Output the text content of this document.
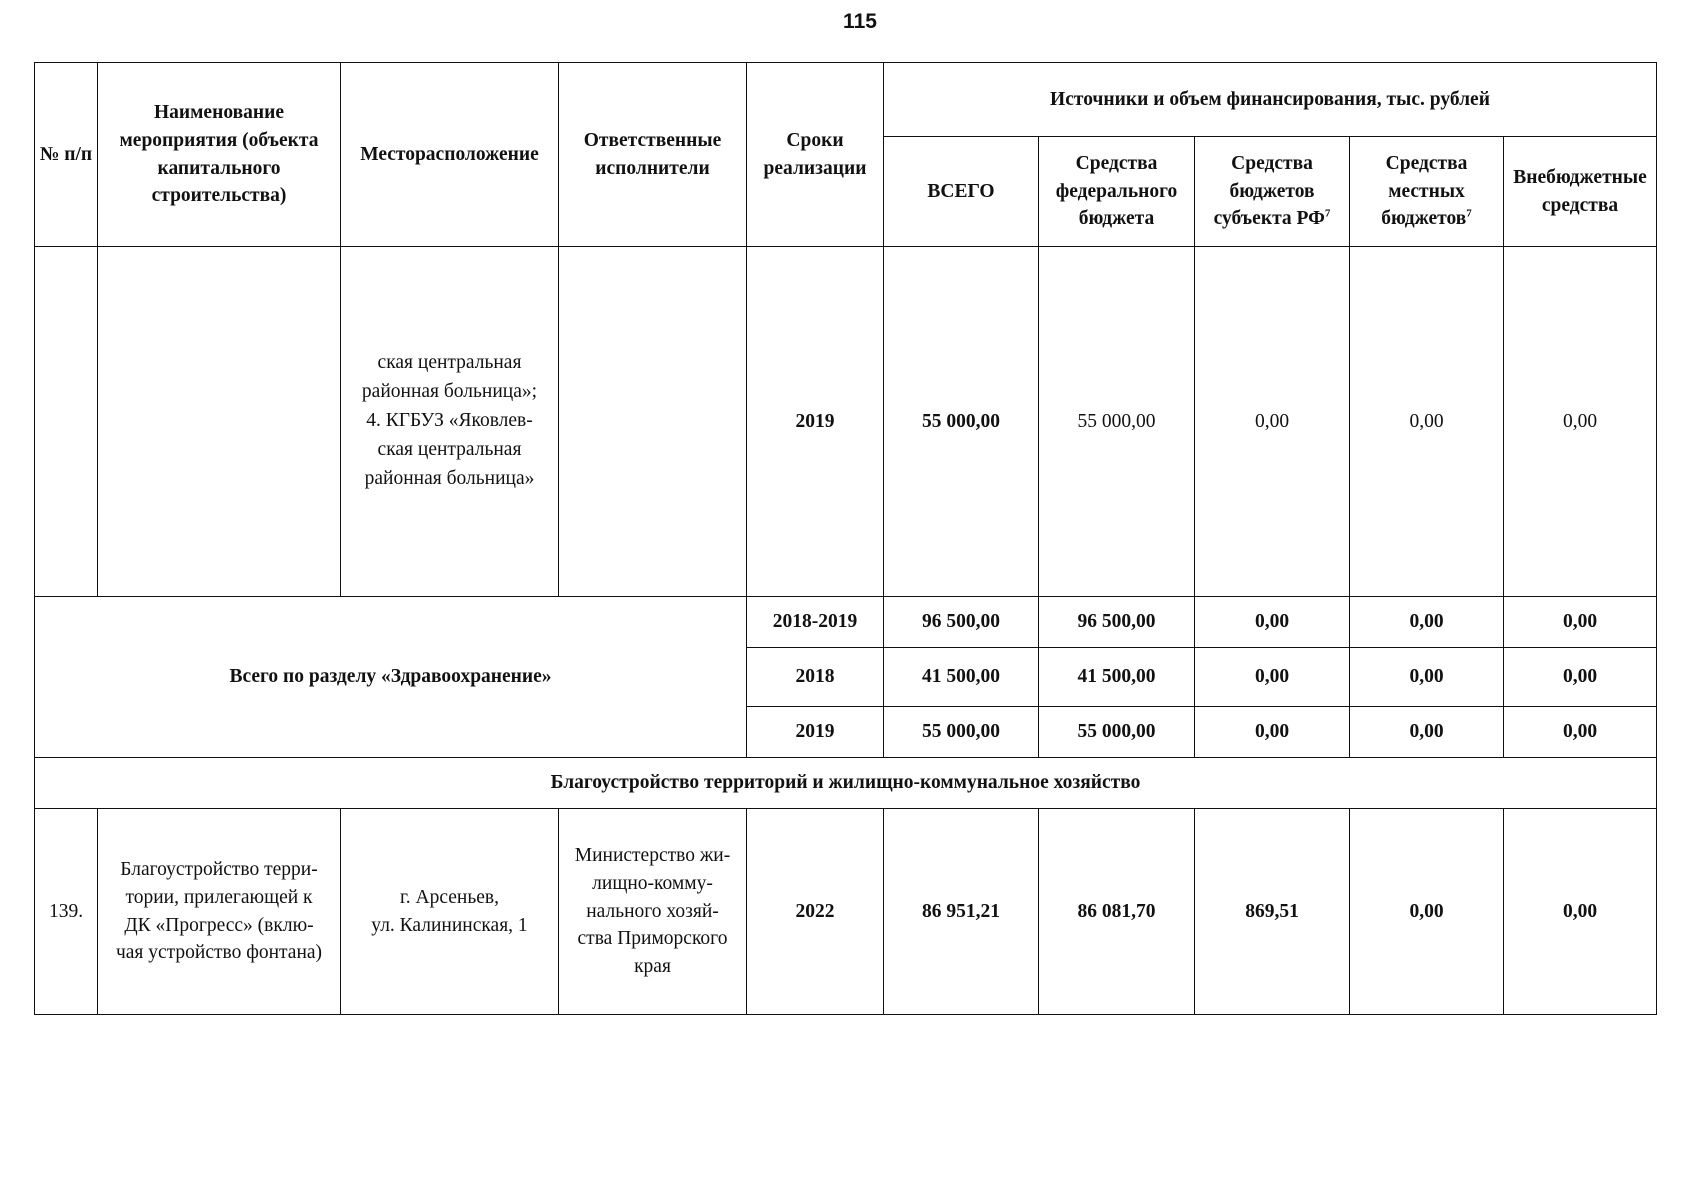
115
№ п/п	Наименование мероприятия (объекта капитального строительства)	Месторасположение	Ответственные исполнители	Сроки реализации	Источники и объем финансирования, тыс. рублей				
					ВСЕГО	Средства федерального бюджета	Средства бюджетов субъекта $РФ^7$	Средства местных бюджетов$^7$	Внебюджетные средства

		ская центральная
районная больница»;
4. КГБУЗ «Яковлев-
ская центральная
районная больница»		2019	55 000,00	55 000,00	0,00	0,00	0,00
Всего по разделу «Здравоохранение»				2018-2019	96 500,00	96 500,00	0,00	0,00	0,00
				2018	41 500,00	41 500,00	0,00	0,00	0,00
				2019	55 000,00	55 000,00	0,00	0,00	0,00
Благоустройство территорий и жилищно-коммунальное хозяйство									
139.	Благоустройство терри-
тории, прилегающей к
ДК «Прогресс» (вклю-
чая устройство фонтана)	г. Арсеньев,
ул. Калининская, 1	Министерство жи-
лищно-комму-
нального хозяй-
ства Приморского
края	2022	86 951,21	86 081,70	869,51	0,00	0,00
